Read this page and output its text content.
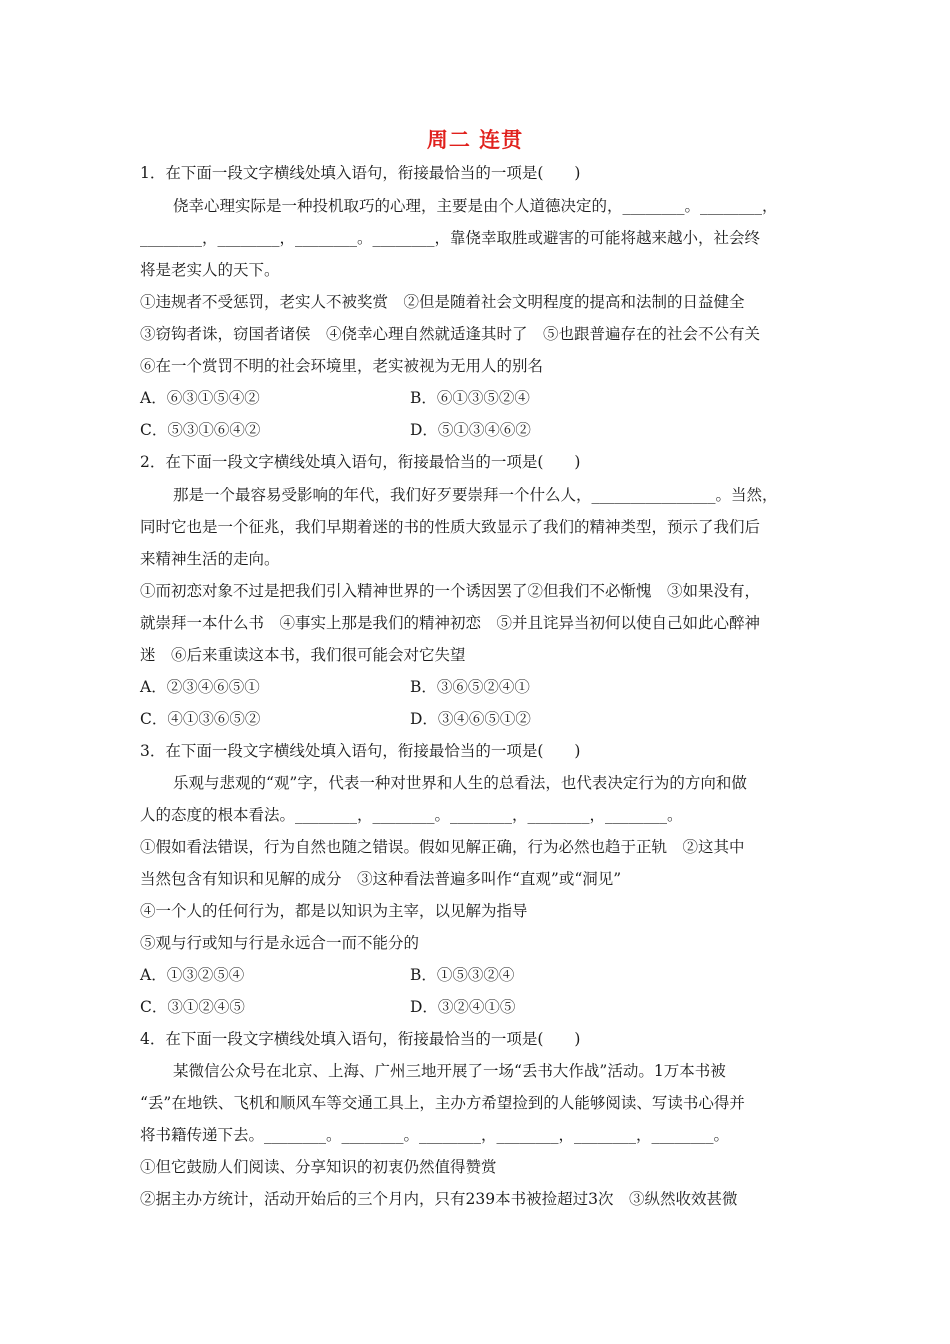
周二 连贯
1．在下面一段文字横线处填入语句，衔接最恰当的一项是(　　)
侥幸心理实际是一种投机取巧的心理，主要是由个人道德决定的，________。________，
________，________，________。________，靠侥幸取胜或避害的可能将越来越小，社会终
将是老实人的天下。
①违规者不受惩罚，老实人不被奖赏　②但是随着社会文明程度的提高和法制的日益健全
③窃钩者诛，窃国者诸侯　④侥幸心理自然就适逢其时了　⑤也跟普遍存在的社会不公有关
⑥在一个赏罚不明的社会环境里，老实被视为无用人的别名
A．⑥③①⑤④②	B．⑥①③⑤②④
C．⑤③①⑥④②	D．⑤①③④⑥②
2．在下面一段文字横线处填入语句，衔接最恰当的一项是(　　)
那是一个最容易受影响的年代，我们好歹要崇拜一个什么人，________________。当然，
同时它也是一个征兆，我们早期着迷的书的性质大致显示了我们的精神类型，预示了我们后
来精神生活的走向。
①而初恋对象不过是把我们引入精神世界的一个诱因罢了②但我们不必惭愧　③如果没有，
就崇拜一本什么书　④事实上那是我们的精神初恋　⑤并且诧异当初何以使自己如此心醉神
迷　⑥后来重读这本书，我们很可能会对它失望
A．②③④⑥⑤①	B．③⑥⑤②④①
C．④①③⑥⑤②	D．③④⑥⑤①②
3．在下面一段文字横线处填入语句，衔接最恰当的一项是(　　)
乐观与悲观的“观”字，代表一种对世界和人生的总看法，也代表决定行为的方向和做
人的态度的根本看法。________，________。________，________，________。
①假如看法错误，行为自然也随之错误。假如见解正确，行为必然也趋于正轨　②这其中
当然包含有知识和见解的成分　③这种看法普遍多叫作“直观”或“洞见”
④一个人的任何行为，都是以知识为主宰，以见解为指导
⑤观与行或知与行是永远合一而不能分的
A．①③②⑤④	B．①⑤③②④
C．③①②④⑤	D．③②④①⑤
4．在下面一段文字横线处填入语句，衔接最恰当的一项是(　　)
某微信公众号在北京、上海、广州三地开展了一场“丢书大作战”活动。1万本书被
“丢”在地铁、飞机和顺风车等交通工具上，主办方希望捡到的人能够阅读、写读书心得并
将书籍传递下去。________。________。________，________，________，________。
①但它鼓励人们阅读、分享知识的初衷仍然值得赞赏
②据主办方统计，活动开始后的三个月内，只有239本书被捡超过3次　③纵然收效甚微
